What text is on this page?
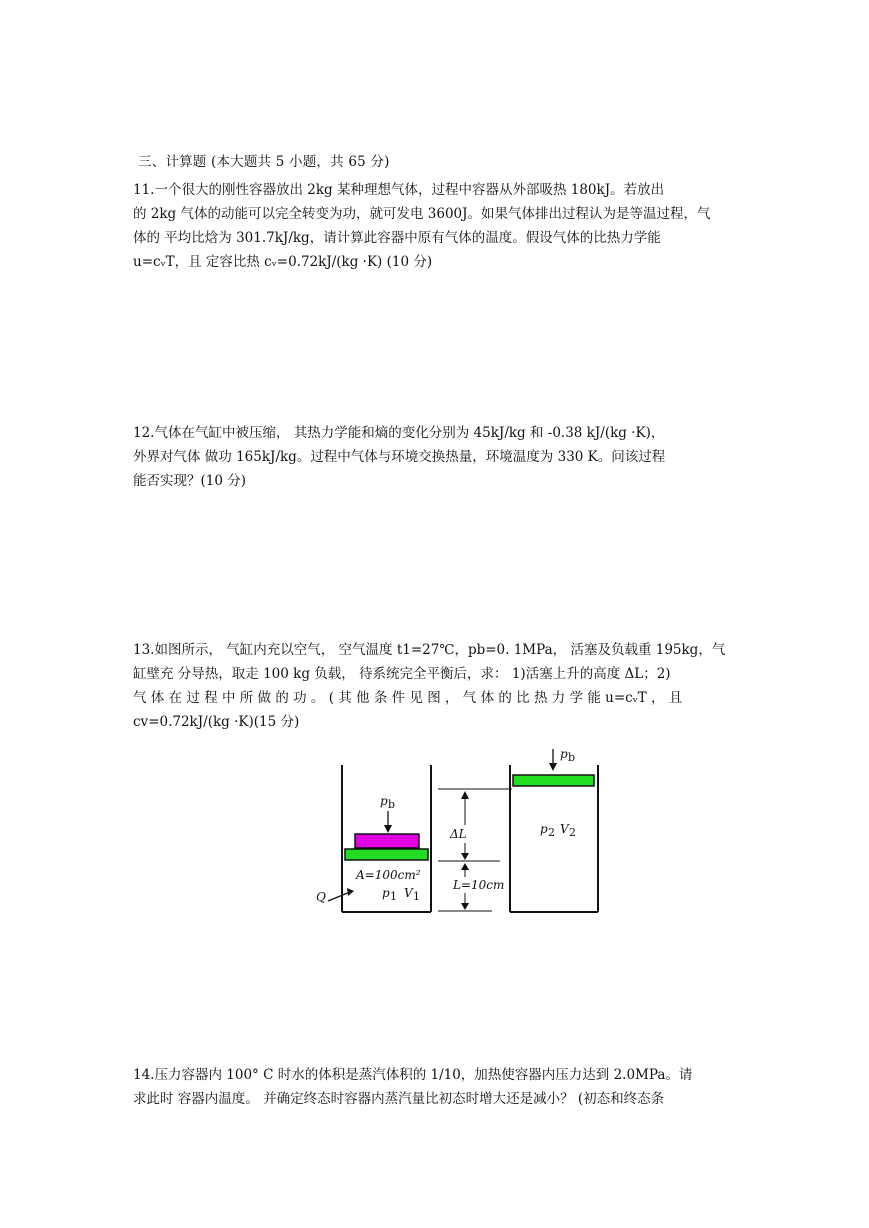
三、计算题 (本大题共 5 小题，共 65 分)

11.一个很大的刚性容器放出 2kg 某种理想气体，过程中容器从外部吸热 180kJ。若放出

的 2kg 气体的动能可以完全转变为功，就可发电 3600J。如果气体排出过程认为是等温过程，气

体的 平均比焓为 301.7kJ/kg，请计算此容器中原有气体的温度。假设气体的比热力学能

u=cᵥT，且 定容比热 cᵥ=0.72kJ/(kg ·K) (10 分)

12.气体在气缸中被压缩， 其热力学能和熵的变化分别为 45kJ/kg 和 -0.38 kJ/(kg ·K)，

外界对气体 做功 165kJ/kg。过程中气体与环境交换热量，环境温度为 330 K。问该过程

能否实现？(10 分)

13.如图所示， 气缸内充以空气， 空气温度 t1=27℃，pb=0. 1MPa， 活塞及负载重 195kg，气

缸壁充 分导热，取走 100 kg 负载， 待系统完全平衡后，求： 1)活塞上升的高度 ΔL；2)

气 体 在 过 程 中 所 做 的 功 。 ( 其 他 条 件 见 图 ， 气 体 的 比 热 力 学 能 u=cᵥT ， 且

cv=0.72kJ/(kg ·K)(15 分)

p b
A=100cm²
p 1 V 1
Q
ΔL
L=10cm
p b
p 2 V 2

14.压力容器内 100° C 时水的体积是蒸汽体积的 1/10，加热使容器内压力达到 2.0MPa。请

求此时 容器内温度。 并确定终态时容器内蒸汽量比初态时增大还是减小？ (初态和终态条
